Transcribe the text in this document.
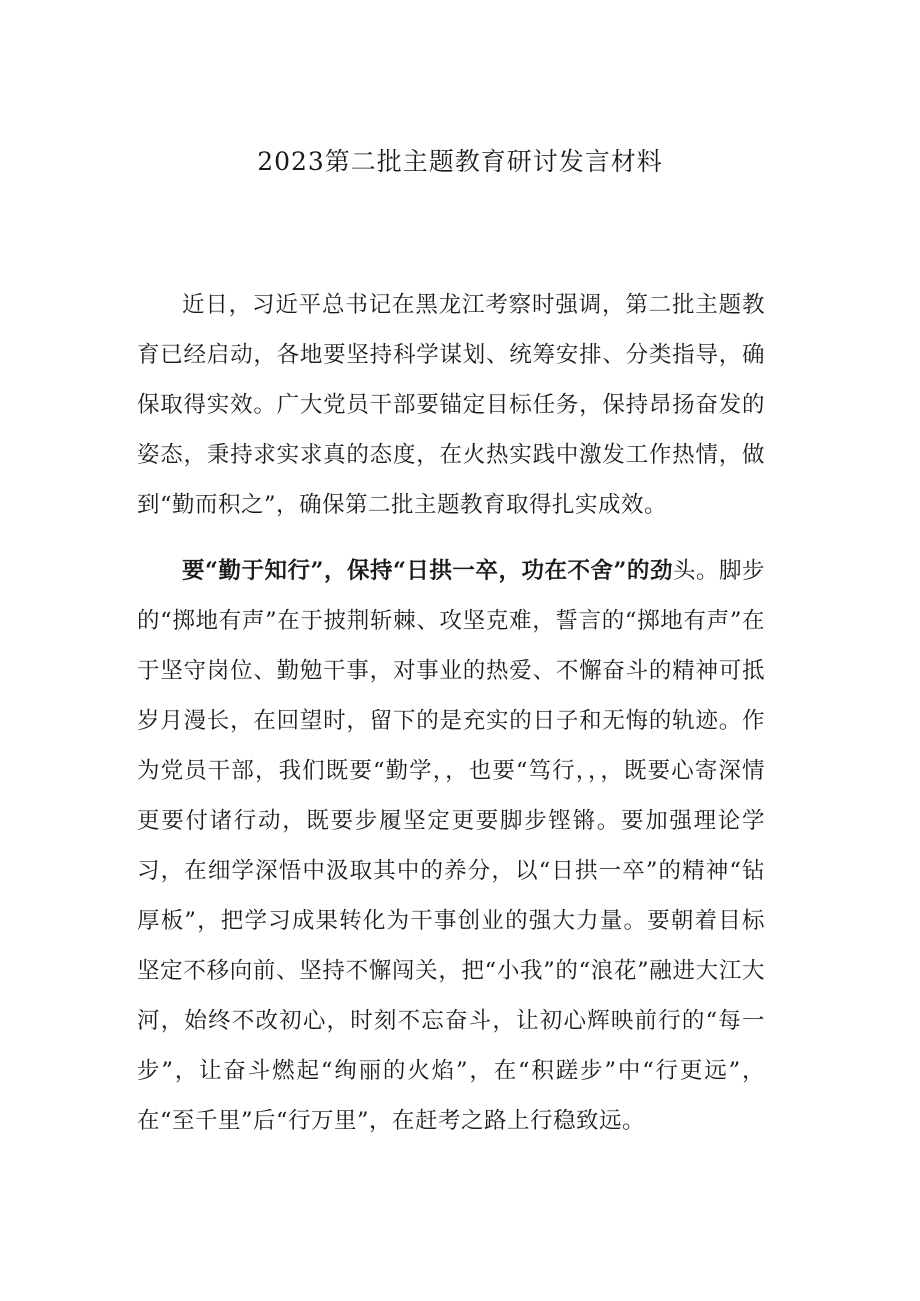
2023第二批主题教育研讨发言材料

近日，习近平总书记在黑龙江考察时强调，第二批主题教育已经启动，各地要坚持科学谋划、统筹安排、分类指导，确保取得实效。广大党员干部要锚定目标任务，保持昂扬奋发的姿态，秉持求实求真的态度，在火热实践中激发工作热情，做到“勤而积之”，确保第二批主题教育取得扎实成效。

要“勤于知行”，保持“日拱一卒，功在不舍”的劲头。脚步的“掷地有声”在于披荆斩棘、攻坚克难，誓言的“掷地有声”在于坚守岗位、勤勉干事，对事业的热爱、不懈奋斗的精神可抵岁月漫长，在回望时，留下的是充实的日子和无悔的轨迹。作为党员干部，我们既要“勤学，，也要“笃行，，，既要心寄深情更要付诸行动，既要步履坚定更要脚步铿锵。要加强理论学习，在细学深悟中汲取其中的养分，以“日拱一卒”的精神“钻厚板”，把学习成果转化为干事创业的强大力量。要朝着目标坚定不移向前、坚持不懈闯关，把“小我”的“浪花”融进大江大河，始终不改初心，时刻不忘奋斗，让初心辉映前行的“每一步”，让奋斗燃起“绚丽的火焰”，在“积蹉步”中“行更远”，在“至千里”后“行万里”，在赶考之路上行稳致远。
